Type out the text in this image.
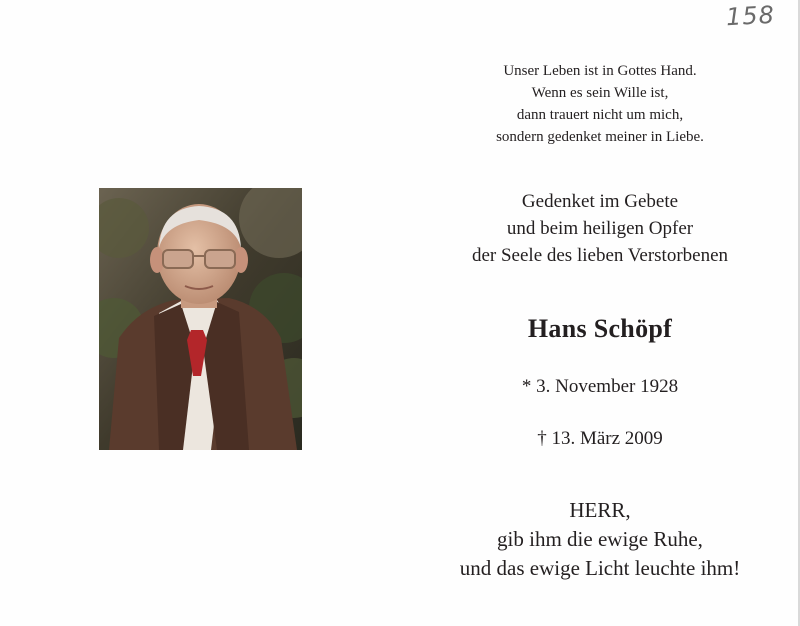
158
Unser Leben ist in Gottes Hand.
Wenn es sein Wille ist,
dann trauert nicht um mich,
sondern gedenket meiner in Liebe.
Gedenket im Gebete
und beim heiligen Opfer
der Seele des lieben Verstorbenen
Hans Schöpf
* 3. November 1928
† 13. März 2009
HERR,
gib ihm die ewige Ruhe,
und das ewige Licht leuchte ihm!
